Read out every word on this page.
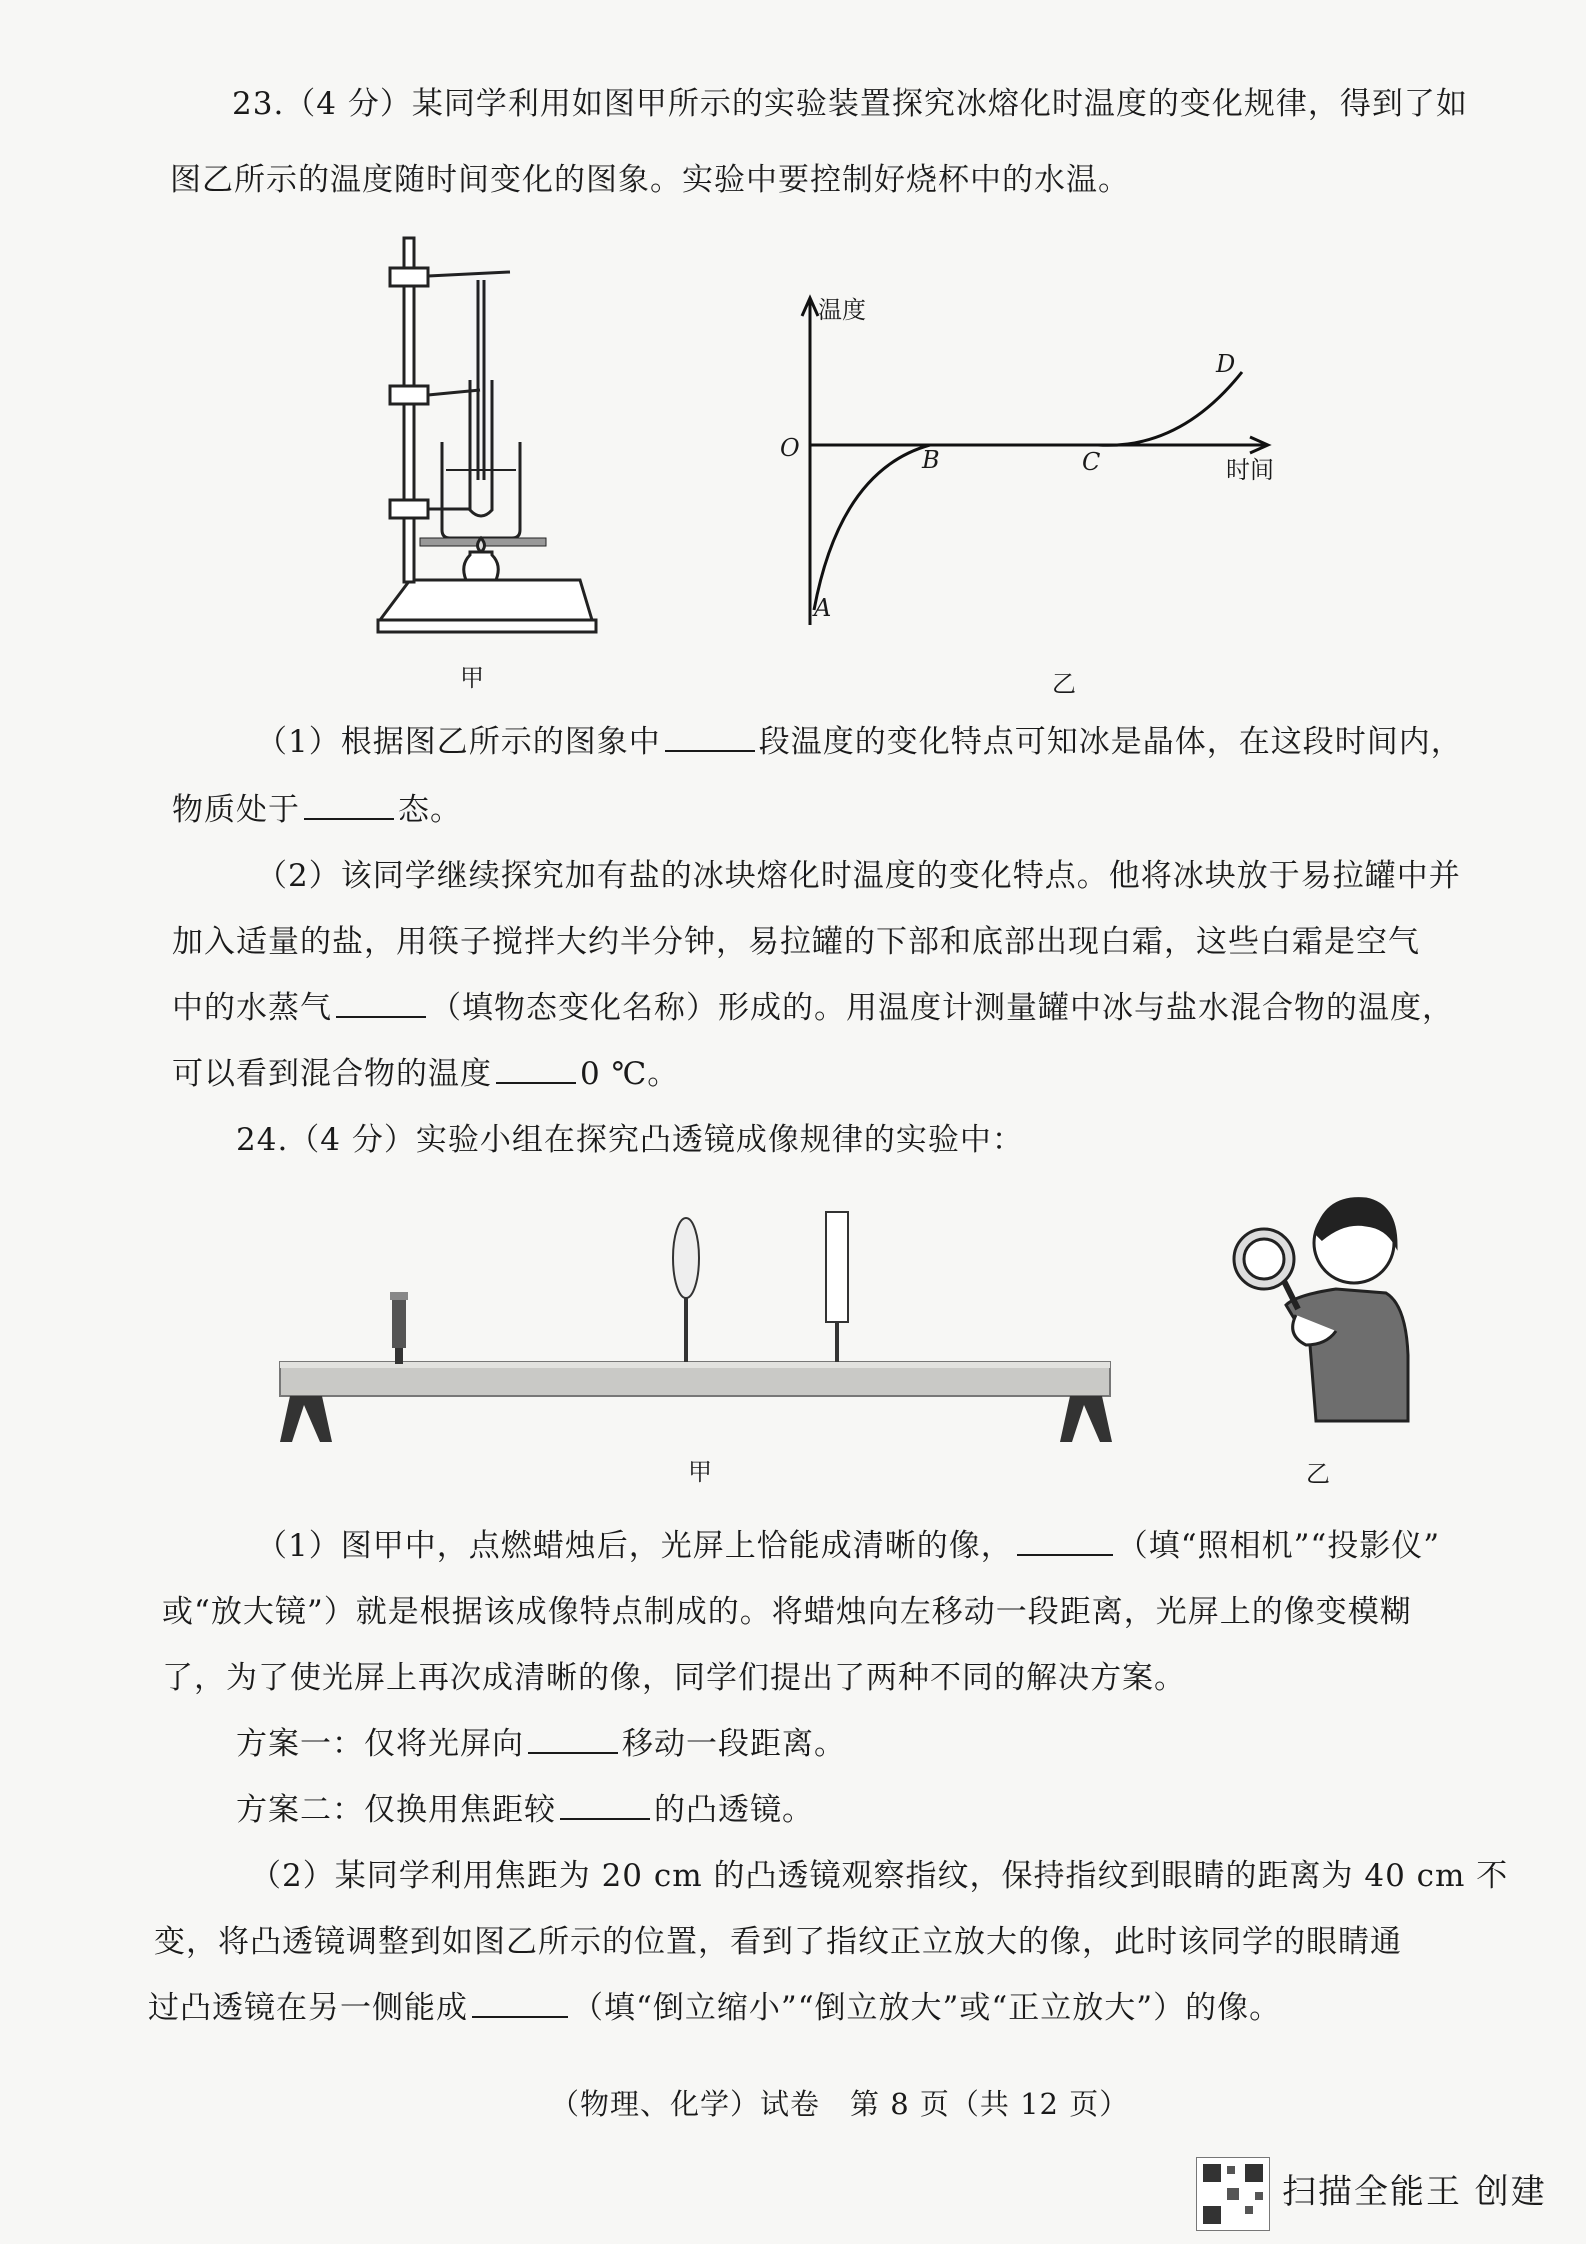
23.（4 分）某同学利用如图甲所示的实验装置探究冰熔化时温度的变化规律，得到了如
图乙所示的温度随时间变化的图象。实验中要控制好烧杯中的水温。
甲
温度
时间
O
A
B	C
D
乙
（1）根据图乙所示的图象中	段温度的变化特点可知冰是晶体，在这段时间内，
物质处于	态。
（2）该同学继续探究加有盐的冰块熔化时温度的变化特点。他将冰块放于易拉罐中并
加入适量的盐，用筷子搅拌大约半分钟，易拉罐的下部和底部出现白霜，这些白霜是空气
中的水蒸气	（填物态变化名称）形成的。用温度计测量罐中冰与盐水混合物的温度，
可以看到混合物的温度	0 ℃。
24.（4 分）实验小组在探究凸透镜成像规律的实验中：
甲	乙
（1）图甲中，点燃蜡烛后，光屏上恰能成清晰的像，	（填“照相机”“投影仪”
或“放大镜”）就是根据该成像特点制成的。将蜡烛向左移动一段距离，光屏上的像变模糊
了，为了使光屏上再次成清晰的像，同学们提出了两种不同的解决方案。
方案一：仅将光屏向	移动一段距离。
方案二：仅换用焦距较	的凸透镜。
（2）某同学利用焦距为 20 cm 的凸透镜观察指纹，保持指纹到眼睛的距离为 40 cm 不
变，将凸透镜调整到如图乙所示的位置，看到了指纹正立放大的像，此时该同学的眼睛通
过凸透镜在另一侧能成	（填“倒立缩小”“倒立放大”或“正立放大”）的像。
（物理、化学）试卷　第 8 页（共 12 页）
扫描全能王 创建
